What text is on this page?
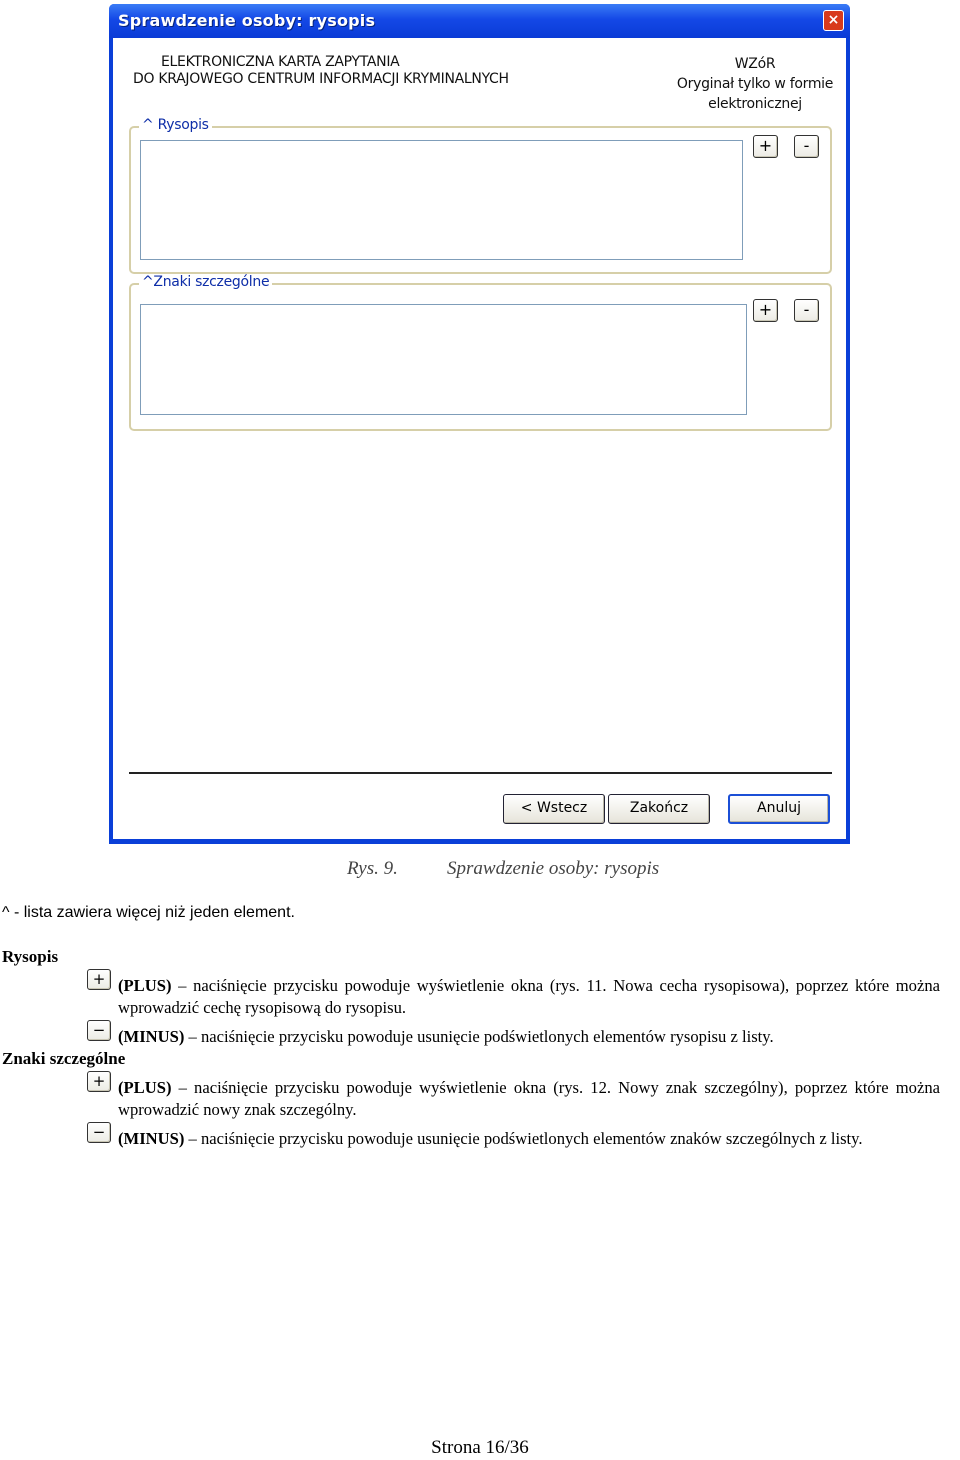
Sprawdzenie osoby: rysopis	×
ELEKTRONICZNA KARTA ZAPYTANIA
DO KRAJOWEGO CENTRUM INFORMACJI KRYMINALNYCH
WZóR
Oryginał tylko w formie
elektronicznej
^ Rysopis
+	-
^Znaki szczególne
+	-
< Wstecz	Zakończ	Anuluj
Rys. 9.	Sprawdzenie osoby: rysopis
^ - lista zawiera więcej niż jeden element.
Rysopis
+ (PLUS) – naciśnięcie przycisku powoduje wyświetlenie okna (rys. 11. Nowa cecha rysopisowa), poprzez które można wprowadzić cechę rysopisową do rysopisu.
− (MINUS) – naciśnięcie przycisku powoduje usunięcie podświetlonych elementów rysopisu z listy.
Znaki szczególne
+ (PLUS) – naciśnięcie przycisku powoduje wyświetlenie okna (rys. 12. Nowy znak szczególny), poprzez które można wprowadzić nowy znak szczególny.
− (MINUS) – naciśnięcie przycisku powoduje usunięcie podświetlonych elementów znaków szczególnych z listy.
Strona 16/36
